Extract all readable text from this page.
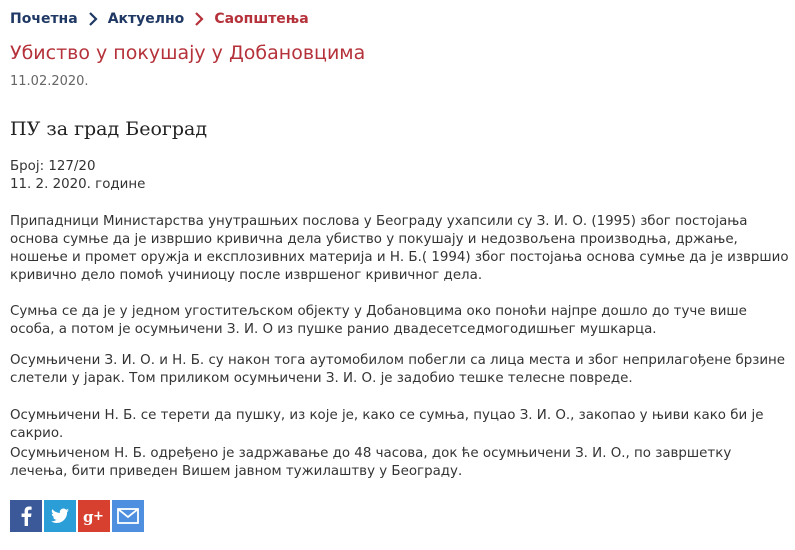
Почетна Актуелно Саопштења
Убиство у покушају у Добановцима
11.02.2020.
ПУ за град Београд
Број: 127/20
11. 2. 2020. године

Припадници Министарства унутрашњих послова у Београду ухапсили су З. И. О. (1995) због постојања основа сумње да је извршио кривична дела убиство у покушају и недозвољена производња, држање, ношење и промет оружја и експлозивних материја и Н. Б.( 1994) због постојања основа сумње да је извршио кривично дело помоћ учиниоцу после извршеног кривичног дела.

Сумња се да је у једном угоститељском објекту у Добановцима око поноћи најпре дошло до туче више особа, а потом је осумњичени З. И. О из пушке ранио двадесетседмогодишњег мушкарца.

Осумњичени З. И. О. и Н. Б. су након тога аутомобилом побегли са лица места и због неприлагођене брзине слетели у јарак. Том приликом осумњичени З. И. О. је задобио тешке телесне повреде.

Осумњичени Н. Б. се терети да пушку, из које је, како се сумња, пуцао З. И. О., закопао у њиви како би је сакрио.

Осумњиченом Н. Б. одређено је задржавање до 48 часова, док ће осумњичени З. И. О., по завршетку лечења, бити приведен Вишем јавном тужилаштву у Београду.

g +
